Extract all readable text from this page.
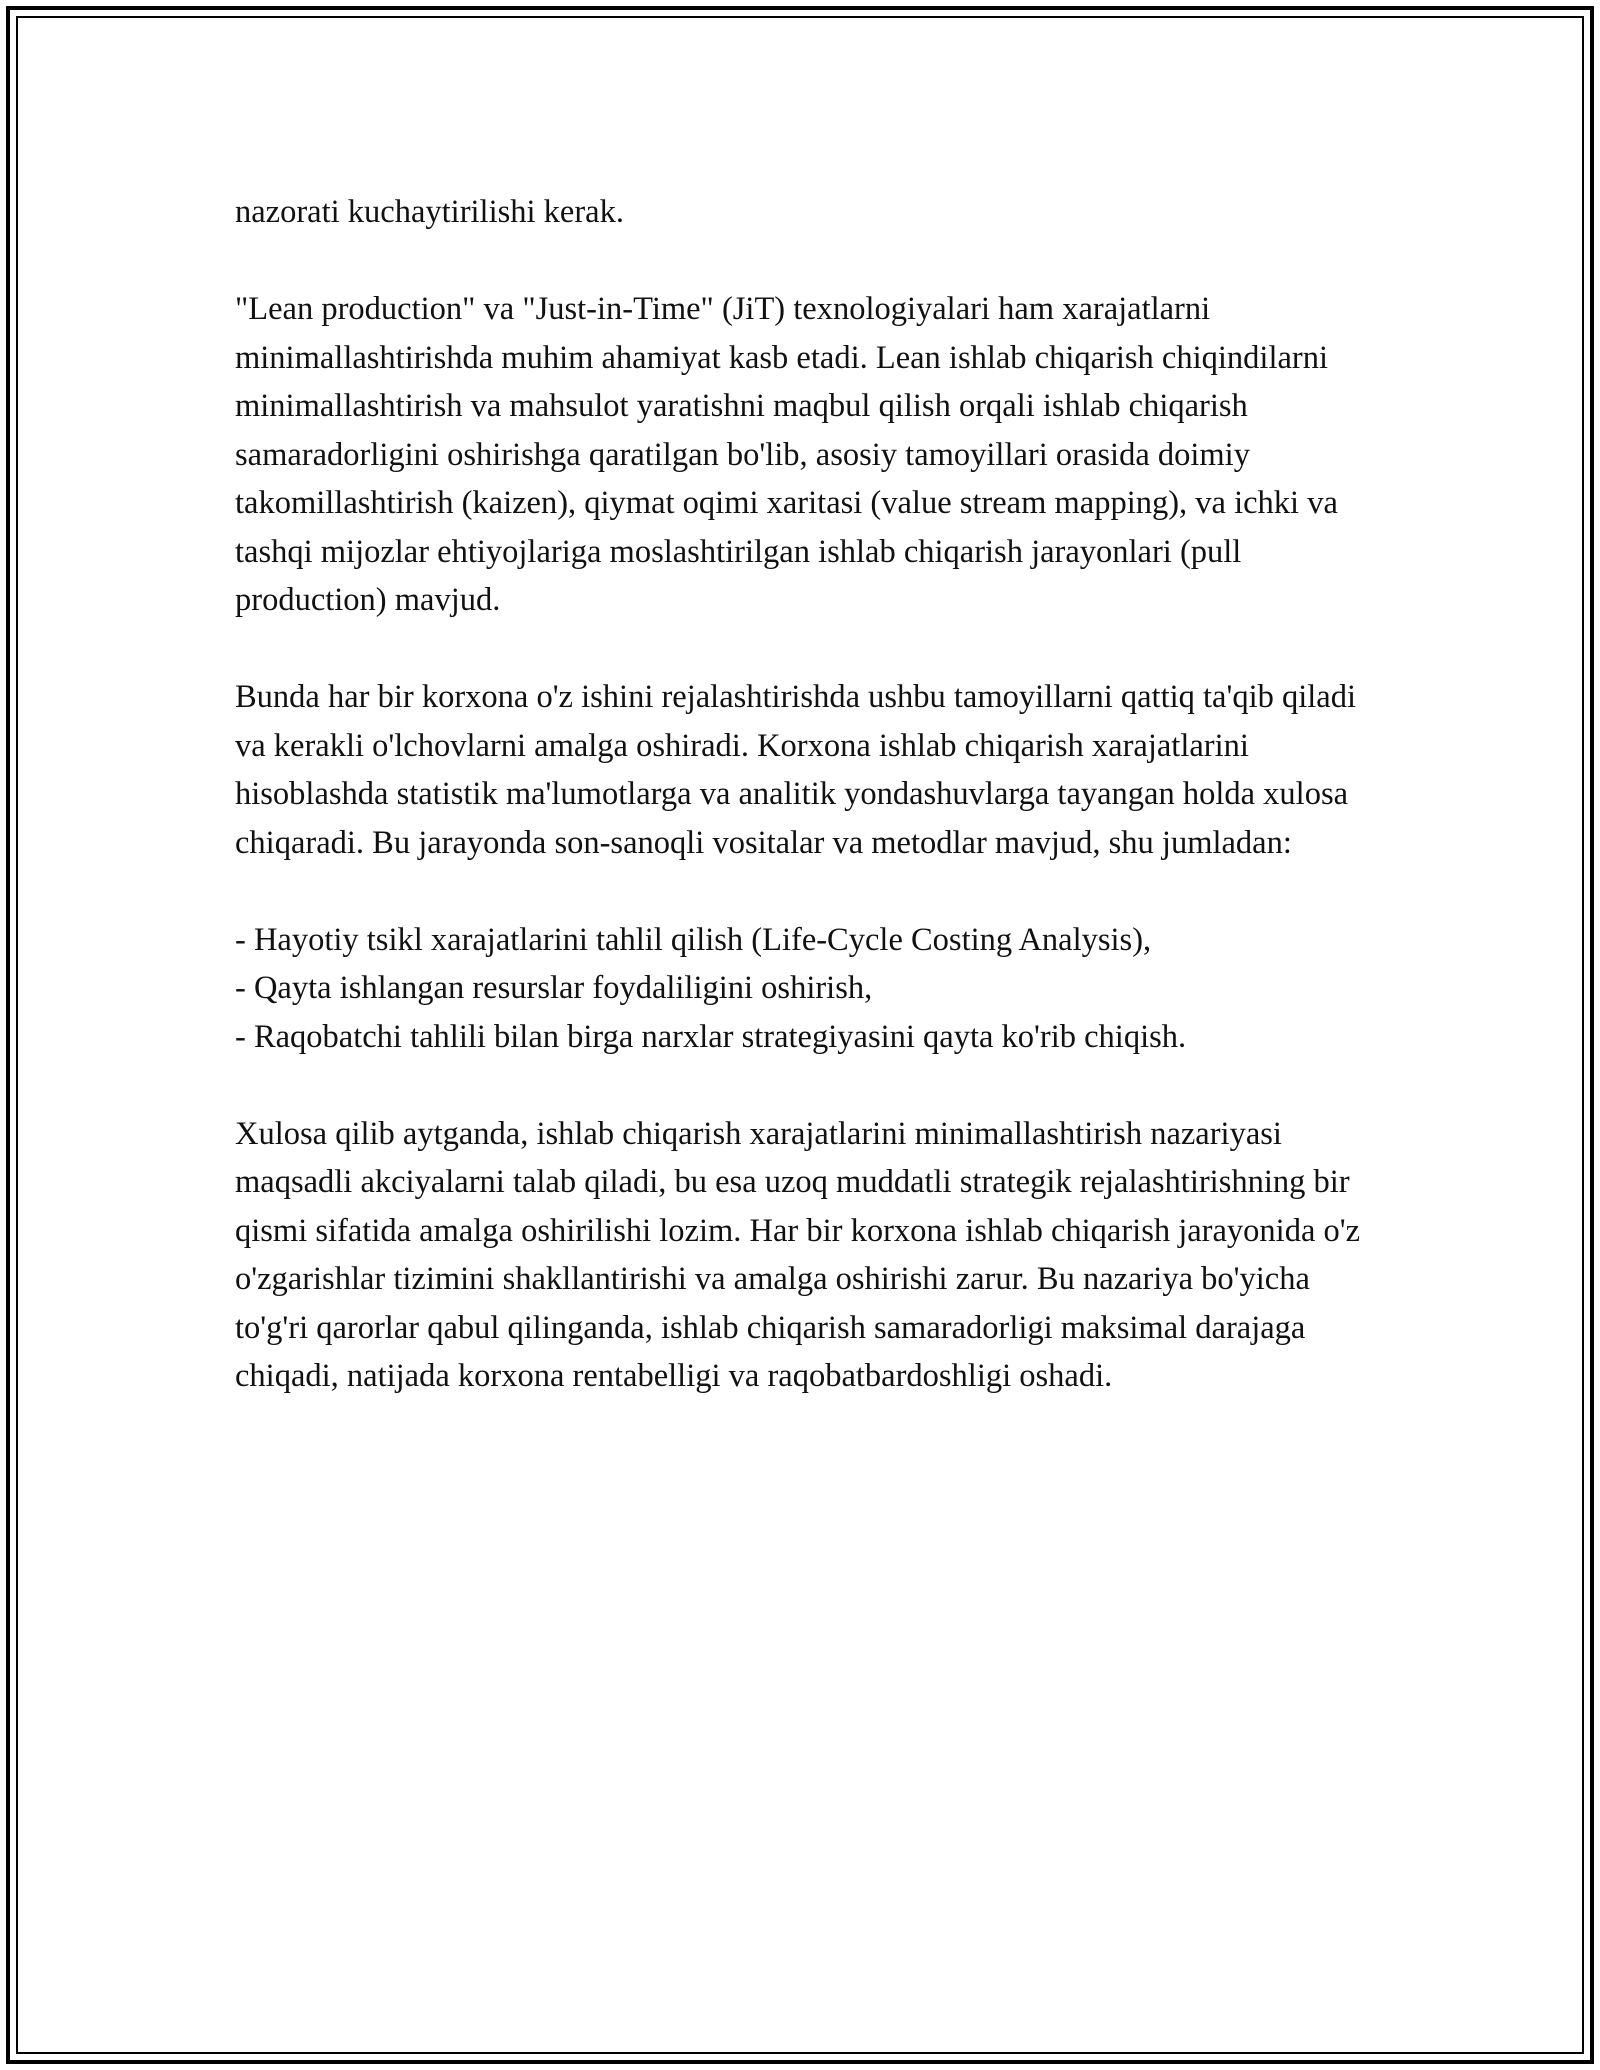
nazorati kuchaytirilishi kerak.

"Lean production" va "Just-in-Time" (JiT) texnologiyalari ham xarajatlarni minimallashtirishda muhim ahamiyat kasb etadi. Lean ishlab chiqarish chiqindilarni minimallashtirish va mahsulot yaratishni maqbul qilish orqali ishlab chiqarish samaradorligini oshirishga qaratilgan bo'lib, asosiy tamoyillari orasida doimiy takomillashtirish (kaizen), qiymat oqimi xaritasi (value stream mapping), va ichki va tashqi mijozlar ehtiyojlariga moslashtirilgan ishlab chiqarish jarayonlari (pull production) mavjud.

Bunda har bir korxona o'z ishini rejalashtirishda ushbu tamoyillarni qattiq ta'qib qiladi va kerakli o'lchovlarni amalga oshiradi. Korxona ishlab chiqarish xarajatlarini hisoblashda statistik ma'lumotlarga va analitik yondashuvlarga tayangan holda xulosa chiqaradi. Bu jarayonda son-sanoqli vositalar va metodlar mavjud, shu jumladan:

- Hayotiy tsikl xarajatlarini tahlil qilish (Life-Cycle Costing Analysis),
- Qayta ishlangan resurslar foydaliligini oshirish,
- Raqobatchi tahlili bilan birga narxlar strategiyasini qayta ko'rib chiqish.

Xulosa qilib aytganda, ishlab chiqarish xarajatlarini minimallashtirish nazariyasi maqsadli akciyalarni talab qiladi, bu esa uzoq muddatli strategik rejalashtirishning bir qismi sifatida amalga oshirilishi lozim. Har bir korxona ishlab chiqarish jarayonida o'z o'zgarishlar tizimini shakllantirishi va amalga oshirishi zarur. Bu nazariya bo'yicha to'g'ri qarorlar qabul qilinganda, ishlab chiqarish samaradorligi maksimal darajaga chiqadi, natijada korxona rentabelligi va raqobatbardoshligi oshadi.
